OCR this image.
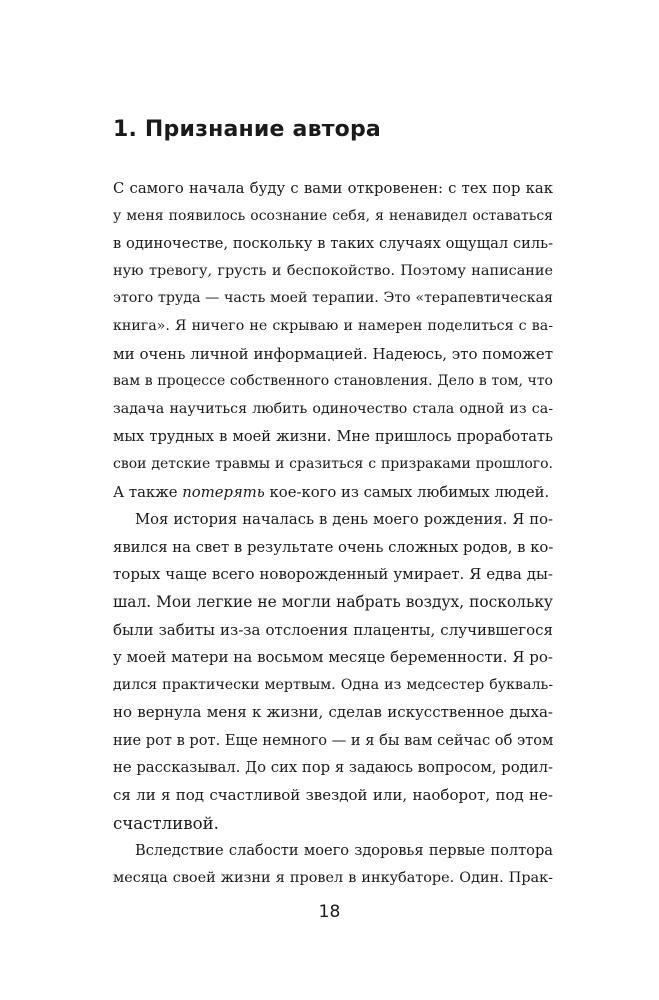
1. Признание автора
С самого начала буду с вами откровенен: с тех пор как
у меня появилось осознание себя, я ненавидел оставаться
в одиночестве, поскольку в таких случаях ощущал силь-
ную тревогу, грусть и беспокойство. Поэтому написание
этого труда — часть моей терапии. Это «терапевтическая
книга». Я ничего не скрываю и намерен поделиться с ва-
ми очень личной информацией. Надеюсь, это поможет
вам в процессе собственного становления. Дело в том, что
задача научиться любить одиночество стала одной из са-
мых трудных в моей жизни. Мне пришлось проработать
свои детские травмы и сразиться с призраками прошлого.
А также потерять кое-кого из самых любимых людей.
Моя история началась в день моего рождения. Я по-
явился на свет в результате очень сложных родов, в ко-
торых чаще всего новорожденный умирает. Я едва ды-
шал. Мои легкие не могли набрать воздух, поскольку
были забиты из-за отслоения плаценты, случившегося
у моей матери на восьмом месяце беременности. Я ро-
дился практически мертвым. Одна из медсестер букваль-
но вернула меня к жизни, сделав искусственное дыха-
ние рот в рот. Еще немного — и я бы вам сейчас об этом
не рассказывал. До сих пор я задаюсь вопросом, родил-
ся ли я под счастливой звездой или, наоборот, под не-
счастливой.
Вследствие слабости моего здоровья первые полтора
месяца своей жизни я провел в инкубаторе. Один. Прак-
18
